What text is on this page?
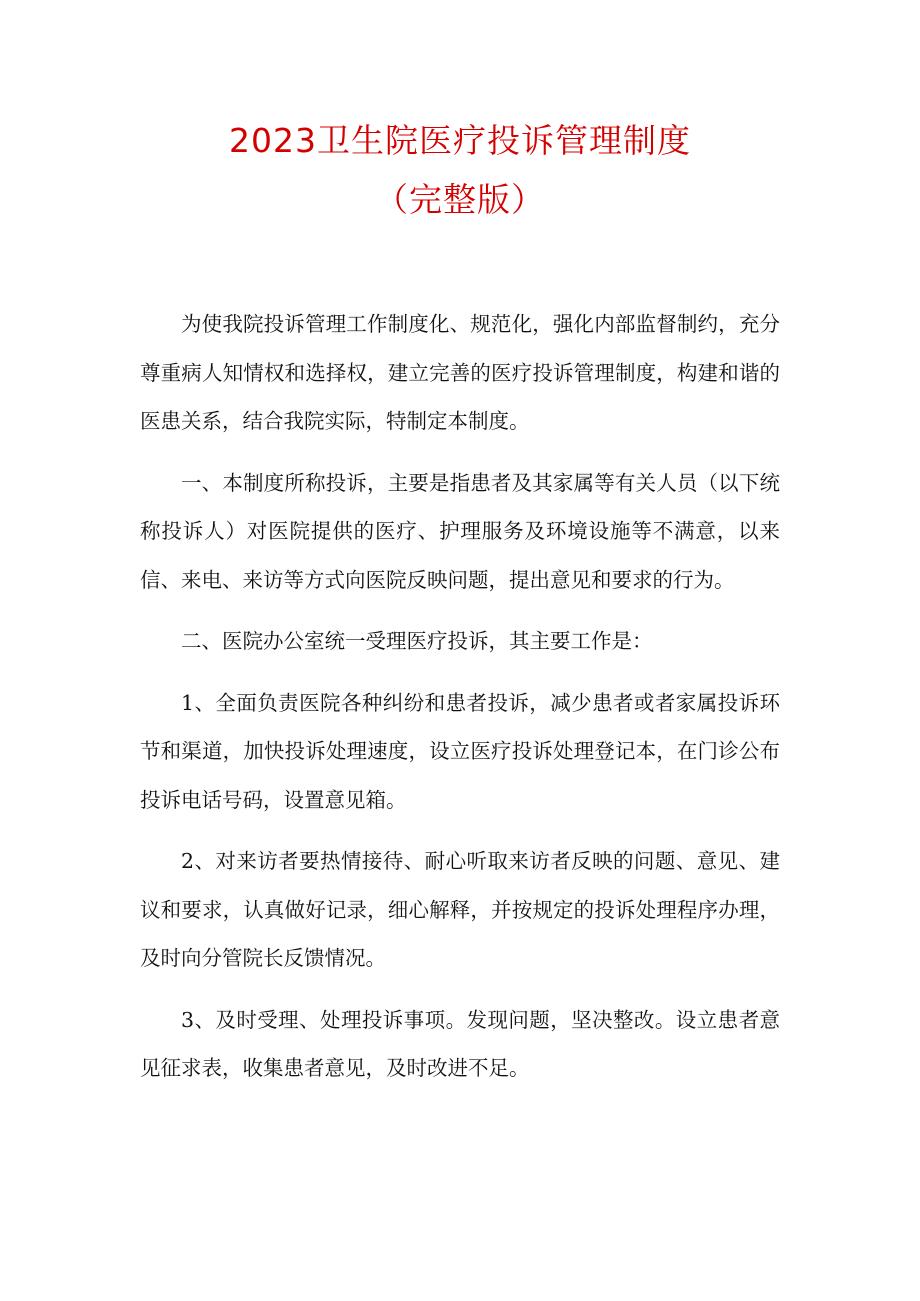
2023卫生院医疗投诉管理制度
（完整版）

为使我院投诉管理工作制度化、规范化，强化内部监督制约，充分尊重病人知情权和选择权，建立完善的医疗投诉管理制度，构建和谐的医患关系，结合我院实际，特制定本制度。

一、本制度所称投诉，主要是指患者及其家属等有关人员（以下统称投诉人）对医院提供的医疗、护理服务及环境设施等不满意，以来信、来电、来访等方式向医院反映问题，提出意见和要求的行为。

二、医院办公室统一受理医疗投诉，其主要工作是：

1、全面负责医院各种纠纷和患者投诉，减少患者或者家属投诉环节和渠道，加快投诉处理速度，设立医疗投诉处理登记本，在门诊公布投诉电话号码，设置意见箱。

2、对来访者要热情接待、耐心听取来访者反映的问题、意见、建议和要求，认真做好记录，细心解释，并按规定的投诉处理程序办理，及时向分管院长反馈情况。

3、及时受理、处理投诉事项。发现问题，坚决整改。设立患者意见征求表，收集患者意见，及时改进不足。
